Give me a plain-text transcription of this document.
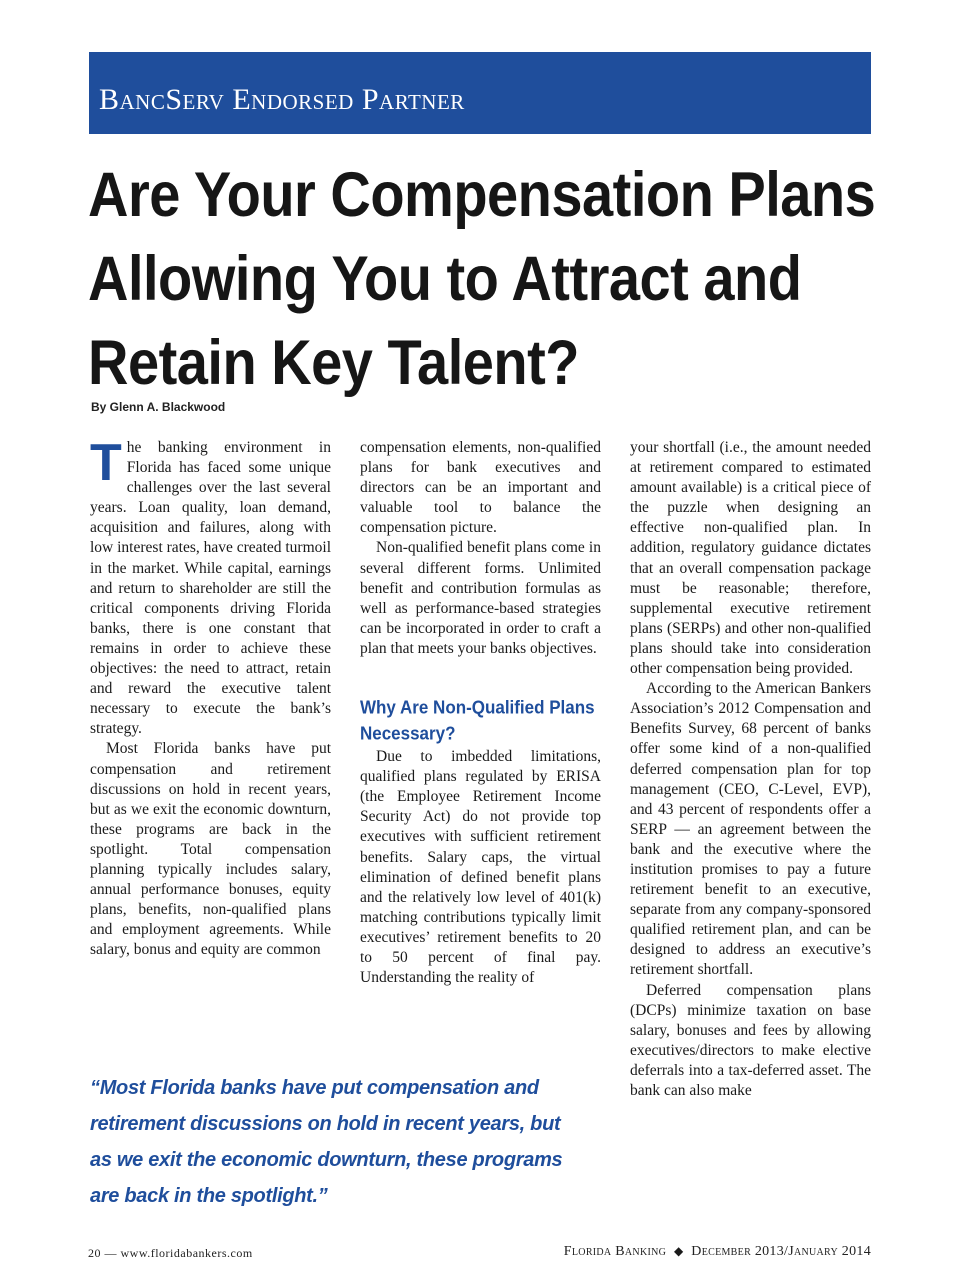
BancServ Endorsed Partner
Are Your Compensation Plans
Allowing You to Attract and
Retain Key Talent?
By Glenn A. Blackwood

The banking environment in Florida has faced some unique challenges over the last several years. Loan quality, loan demand, acquisition and failures, along with low interest rates, have created turmoil in the market. While capital, earnings and return to shareholder are still the critical components driving Florida banks, there is one constant that remains in order to achieve these objectives: the need to attract, retain and reward the executive talent necessary to execute the bank’s strategy.

Most Florida banks have put compensation and retirement discussions on hold in recent years, but as we exit the economic downturn, these programs are back in the spotlight. Total compensation planning typically includes salary, annual performance bonuses, equity plans, benefits, non-qualified plans and employment agreements. While salary, bonus and equity are common

compensation elements, non-qualified plans for bank executives and directors can be an important and valuable tool to balance the compensation picture.

Non-qualified benefit plans come in several different forms. Unlimited benefit and contribution formulas as well as performance-based strategies can be incorporated in order to craft a plan that meets your banks objectives.

Why Are Non-Qualified Plans Necessary?

Due to imbedded limitations, qualified plans regulated by ERISA (the Employee Retirement Income Security Act) do not provide top executives with sufficient retirement benefits. Salary caps, the virtual elimination of defined benefit plans and the relatively low level of 401(k) matching contributions typically limit executives’ retirement benefits to 20 to 50 percent of final pay. Understanding the reality of

your shortfall (i.e., the amount needed at retirement compared to estimated amount available) is a critical piece of the puzzle when designing an effective non-qualified plan. In addition, regulatory guidance dictates that an overall compensation package must be reasonable; therefore, supplemental executive retirement plans (SERPs) and other non-qualified plans should take into consideration other compensation being provided.

According to the American Bankers Association’s 2012 Compensation and Benefits Survey, 68 percent of banks offer some kind of a non-qualified deferred compensation plan for top management (CEO, C-Level, EVP), and 43 percent of respondents offer a SERP — an agreement between the bank and the executive where the institution promises to pay a future retirement benefit to an executive, separate from any company-sponsored qualified retirement plan, and can be designed to address an executive’s retirement shortfall.

Deferred compensation plans (DCPs) minimize taxation on base salary, bonuses and fees by allowing executives/directors to make elective deferrals into a tax-deferred asset. The bank can also make

“Most Florida banks have put compensation and
retirement discussions on hold in recent years, but
as we exit the economic downturn, these programs
are back in the spotlight.”
20 — www.floridabankers.com	Florida Banking ◆ December 2013/January 2014
